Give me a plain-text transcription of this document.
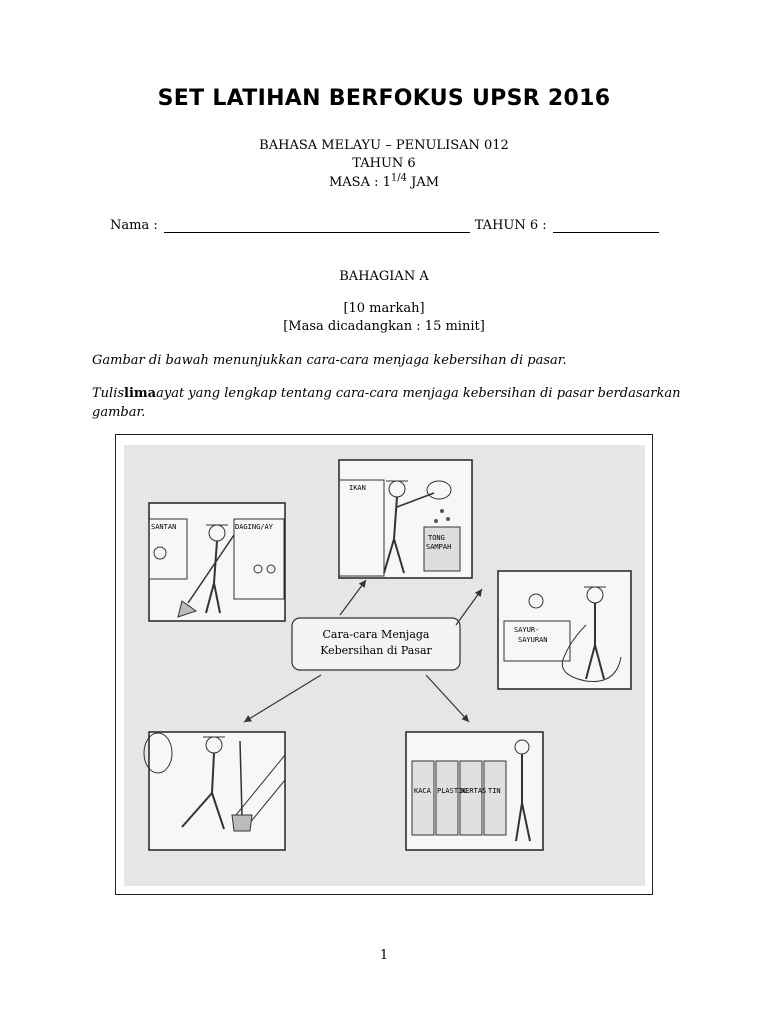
SET LATIHAN BERFOKUS UPSR 2016
BAHASA MELAYU – PENULISAN 012
TAHUN 6
MASA : $1^{1/4}$ JAM
Nama :	TAHUN 6 :
BAHAGIAN A
[10 markah]
[Masa dicadangkan : 15 minit]
Gambar di bawah menunjukkan cara-cara menjaga kebersihan di pasar.
Tulislimaayat yang lengkap tentang cara-cara menjaga kebersihan di pasar berdasarkan gambar.
Cara-cara Menjaga
Kebersihan di Pasar
SANTAN	DAGING/AY
IKAN
TONG
SAMPAH
SAYUR-
SAYURAN
KACA PLASTIK
KERTAS TIN
1
